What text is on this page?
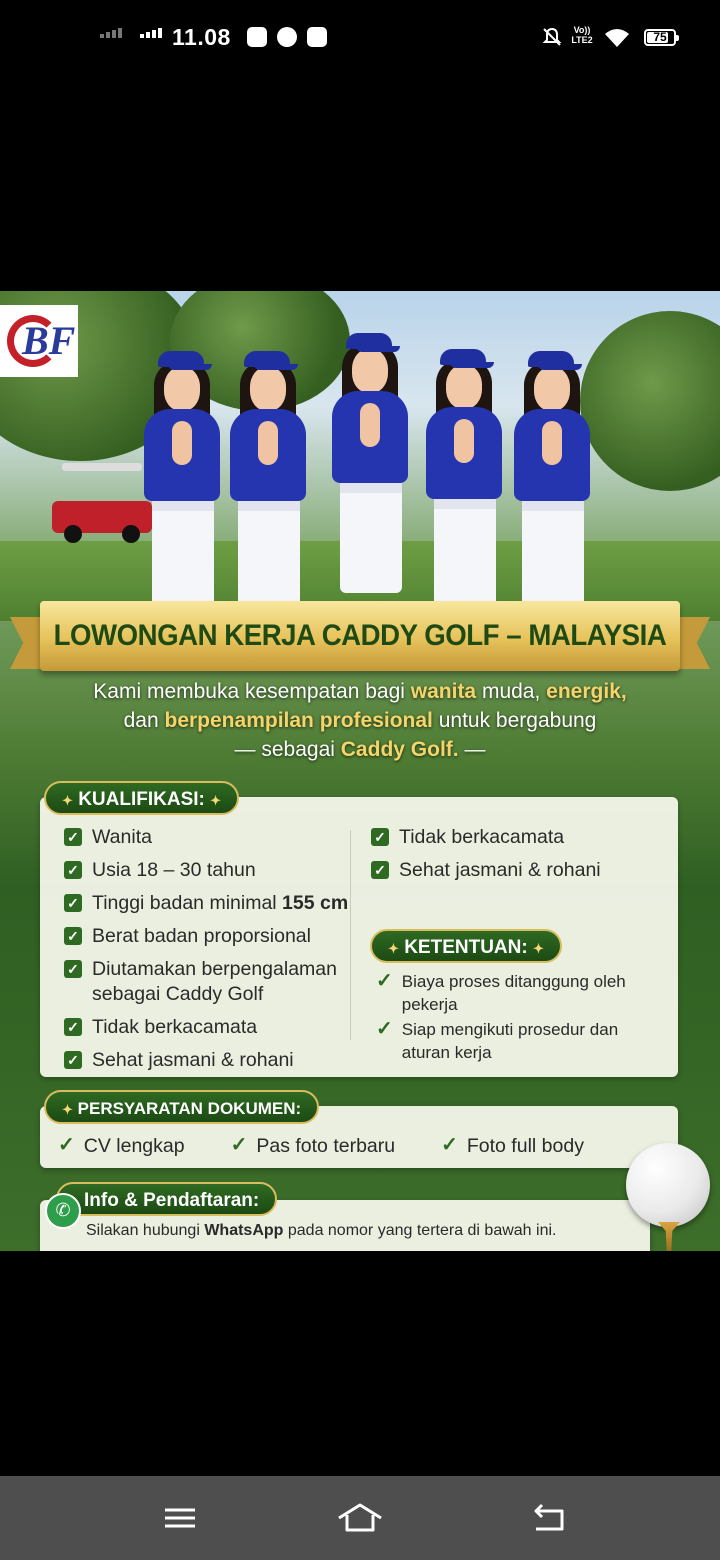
11.08	Vo)) LTE2	75
BF
LOWONGAN KERJA CADDY GOLF – MALAYSIA
Kami membuka kesempatan bagi wanita muda, energik,
dan berpenampilan profesional untuk bergabung
— sebagai Caddy Golf. —
✦ KUALIFIKASI: ✦
✓ Wanita
✓ Usia 18 – 30 tahun
✓ Tinggi badan minimal 155 cm
✓ Berat badan proporsional
✓ Diutamakan berpengalaman sebagai Caddy Golf
✓ Tidak berkacamata
✓ Sehat jasmani & rohani
✓ Tidak berkacamata
✓ Sehat jasmani & rohani
✦ KETENTUAN: ✦
✓ Biaya proses ditanggung oleh pekerja
✓ Siap mengikuti prosedur dan aturan kerja
✦ PERSYARATAN DOKUMEN:
✓ CV lengkap ✓ Pas foto terbaru ✓ Foto full body
Info & Pendaftaran:
✆
Silakan hubungi WhatsApp pada nomor yang tertera di bawah ini.
